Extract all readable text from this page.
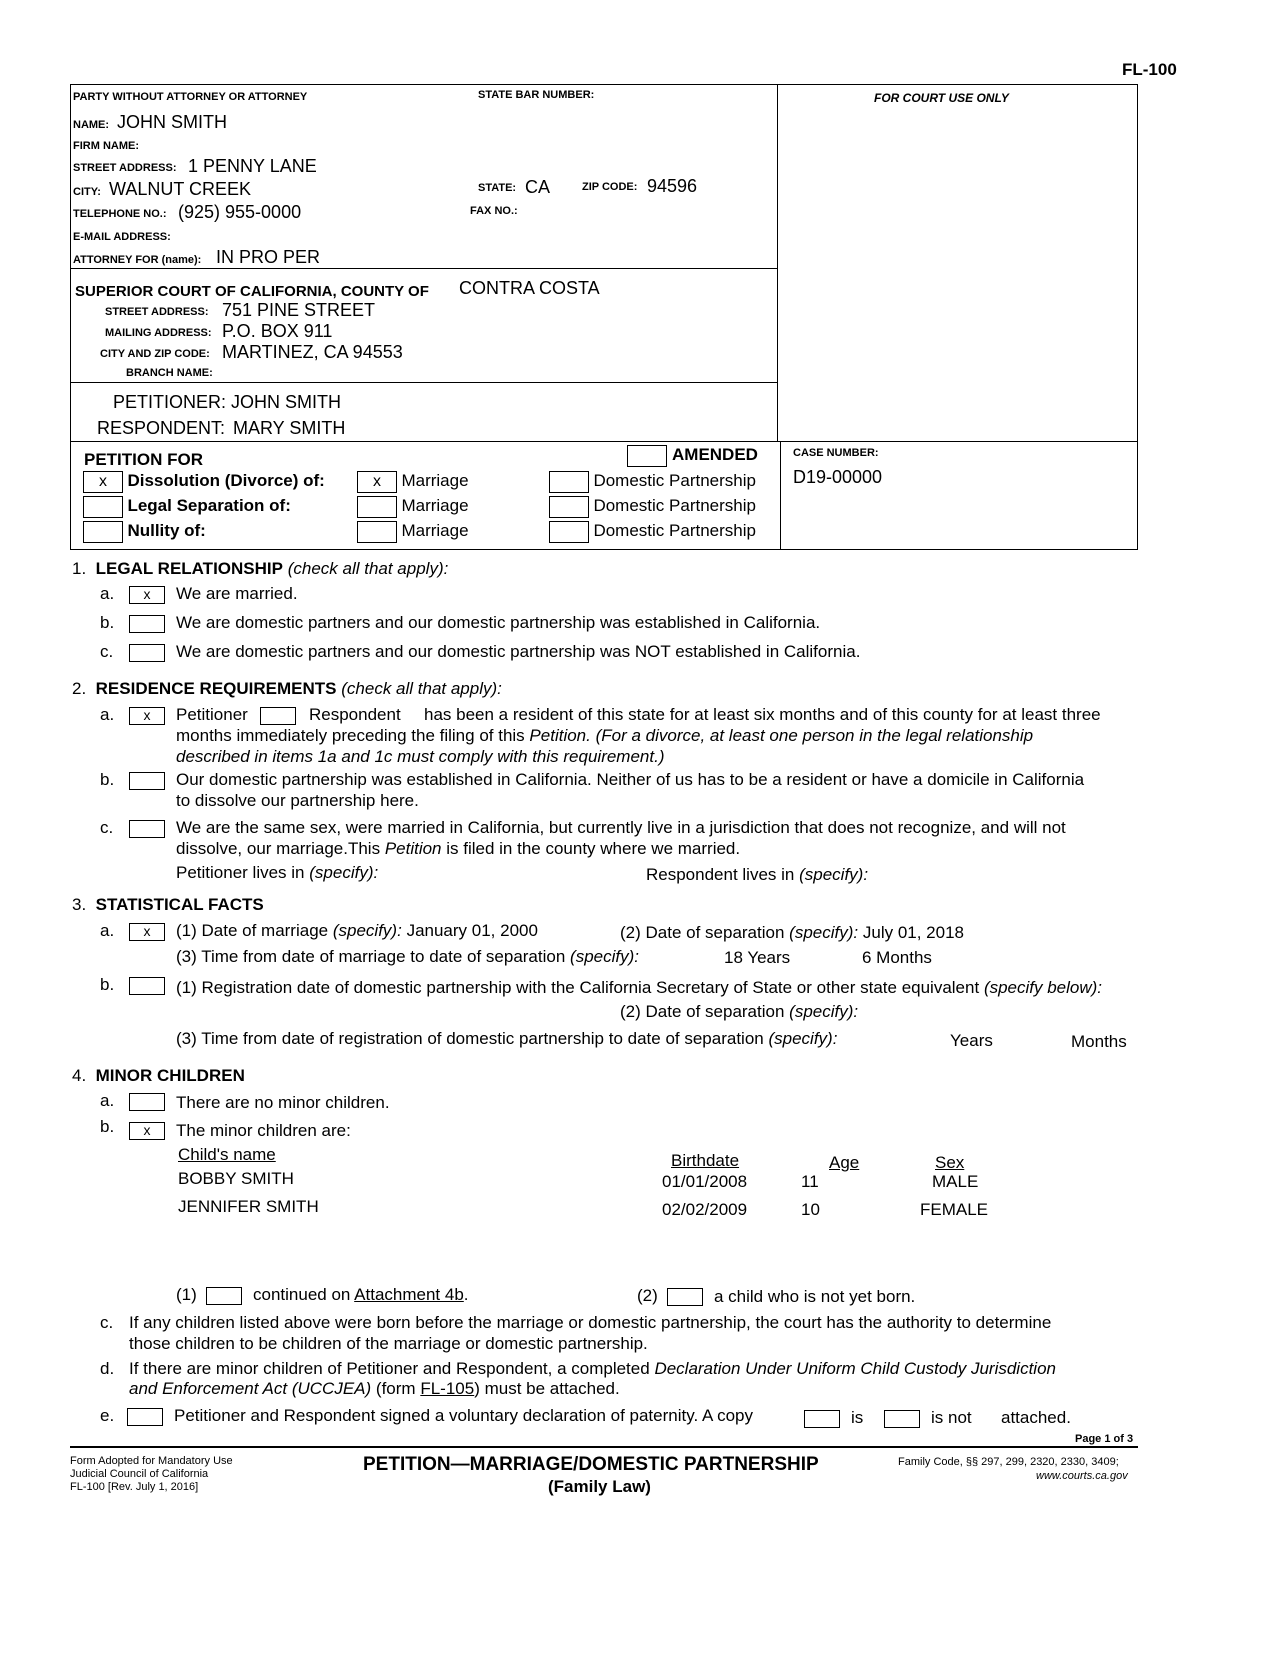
FL-100
PARTY WITHOUT ATTORNEY OR ATTORNEY	STATE BAR NUMBER:	FOR COURT USE ONLY
NAME: JOHN SMITH
FIRM NAME:
STREET ADDRESS: 1 PENNY LANE
CITY: WALNUT CREEK	STATE: CA	ZIP CODE: 94596
TELEPHONE NO.: (925) 955-0000	FAX NO.:
E-MAIL ADDRESS:
ATTORNEY FOR (name): IN PRO PER
SUPERIOR COURT OF CALIFORNIA, COUNTY OF CONTRA COSTA
STREET ADDRESS: 751 PINE STREET
MAILING ADDRESS: P.O. BOX 911
CITY AND ZIP CODE: MARTINEZ, CA 94553
BRANCH NAME:
PETITIONER: JOHN SMITH
RESPONDENT: MARY SMITH
PETITION FOR	AMENDED	CASE NUMBER:
D19-00000
x Dissolution (Divorce) of:	x Marriage	Domestic Partnership
Legal Separation of:	Marriage	Domestic Partnership
Nullity of:	Marriage	Domestic Partnership
1. LEGAL RELATIONSHIP (check all that apply):
a.	x	We are married.
b.	We are domestic partners and our domestic partnership was established in California.
c.	We are domestic partners and our domestic partnership was NOT established in California.
2. RESIDENCE REQUIREMENTS (check all that apply):
a.	x	Petitioner	Respondent has been a resident of this state for at least six months and of this county for at least three
months immediately preceding the filing of this Petition. (For a divorce, at least one person in the legal relationship
described in items 1a and 1c must comply with this requirement.)
b.	Our domestic partnership was established in California. Neither of us has to be a resident or have a domicile in California
to dissolve our partnership here.
c.	We are the same sex, were married in California, but currently live in a jurisdiction that does not recognize, and will not
dissolve, our marriage.This Petition is filed in the county where we married.
Petitioner lives in (specify):	Respondent lives in (specify):
3. STATISTICAL FACTS
a.	x	(1) Date of marriage (specify): January 01, 2000	(2) Date of separation (specify): July 01, 2018
(3) Time from date of marriage to date of separation (specify):	18 Years	6 Months
b.	(1) Registration date of domestic partnership with the California Secretary of State or other state equivalent (specify below):
(2) Date of separation (specify):
(3) Time from date of registration of domestic partnership to date of separation (specify):	Years	Months
4. MINOR CHILDREN
a.	There are no minor children.
b.	x	The minor children are:
Child's name	Birthdate	Age	Sex
BOBBY SMITH	01/01/2008	11	MALE
JENNIFER SMITH	02/02/2009	10	FEMALE
(1)	continued on Attachment 4b.	(2)	a child who is not yet born.
c. If any children listed above were born before the marriage or domestic partnership, the court has the authority to determine
those children to be children of the marriage or domestic partnership.
d. If there are minor children of Petitioner and Respondent, a completed Declaration Under Uniform Child Custody Jurisdiction
and Enforcement Act (UCCJEA) (form FL-105) must be attached.
e.	Petitioner and Respondent signed a voluntary declaration of paternity. A copy	is	is not attached.
Page 1 of 3
Form Adopted for Mandatory Use
Judicial Council of California
FL-100 [Rev. July 1, 2016]
PETITION—MARRIAGE/DOMESTIC PARTNERSHIP
(Family Law)
Family Code, §§ 297, 299, 2320, 2330, 3409;
www.courts.ca.gov
